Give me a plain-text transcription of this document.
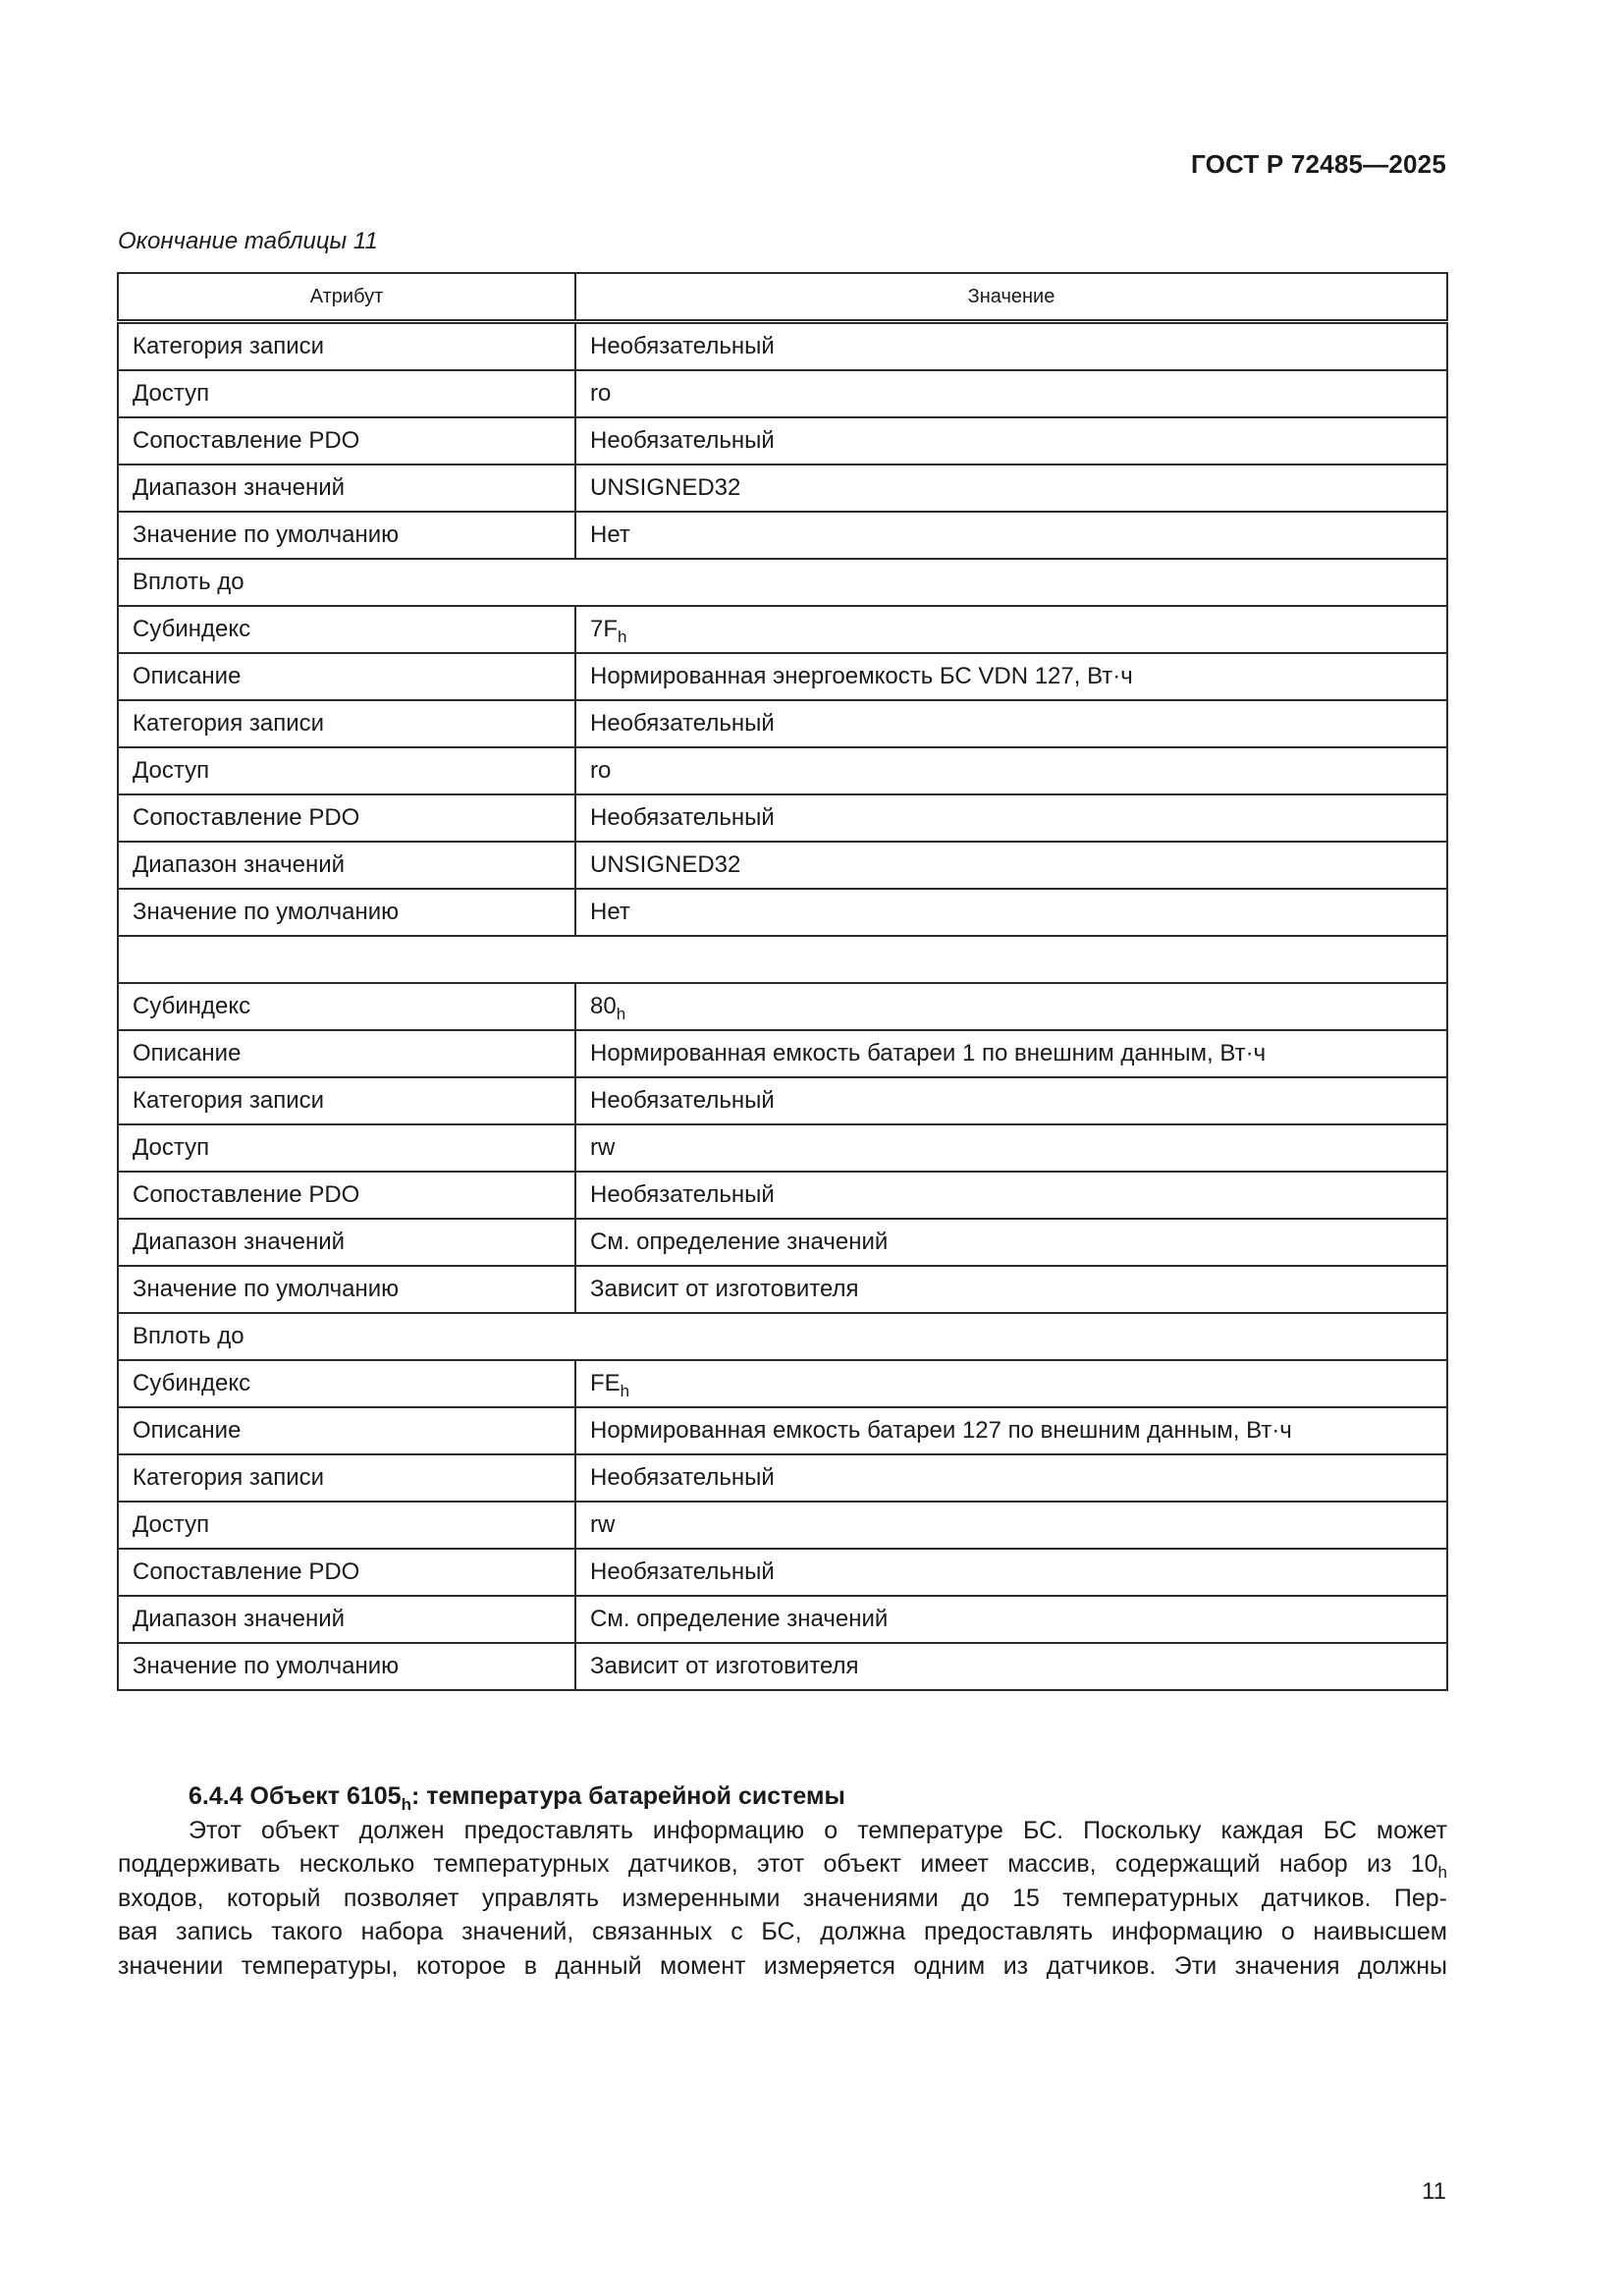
ГОСТ Р 72485—2025
Окончание таблицы 11
Атрибут	Значение
Категория записи	Необязательный
Доступ	ro
Сопоставление PDO	Необязательный
Диапазон значений	UNSIGNED32
Значение по умолчанию	Нет
Вплоть до	
Субиндекс	$7F_h$
Описание	Нормированная энергоемкость БС VDN 127, Вт·ч
Категория записи	Необязательный
Доступ	ro
Сопоставление PDO	Необязательный
Диапазон значений	UNSIGNED32
Значение по умолчанию	Нет

Субиндекс	$80_h$
Описание	Нормированная емкость батареи 1 по внешним данным, Вт·ч
Категория записи	Необязательный
Доступ	rw
Сопоставление PDO	Необязательный
Диапазон значений	См. определение значений
Значение по умолчанию	Зависит от изготовителя
Вплоть до	
Субиндекс	$FE_h$
Описание	Нормированная емкость батареи 127 по внешним данным, Вт·ч
Категория записи	Необязательный
Доступ	rw
Сопоставление PDO	Необязательный
Диапазон значений	См. определение значений
Значение по умолчанию	Зависит от изготовителя

6.4.4 Объект $6105_h$: температура батарейной системы

Этот объект должен предоставлять информацию о температуре БС. Поскольку каждая БС может
поддерживать несколько температурных датчиков, этот объект имеет массив, содержащий набор из $10_h$
входов, который позволяет управлять измеренными значениями до 15 температурных датчиков. Пер-
вая запись такого набора значений, связанных с БС, должна предоставлять информацию о наивысшем
значении температуры, которое в данный момент измеряется одним из датчиков. Эти значения должны

11
